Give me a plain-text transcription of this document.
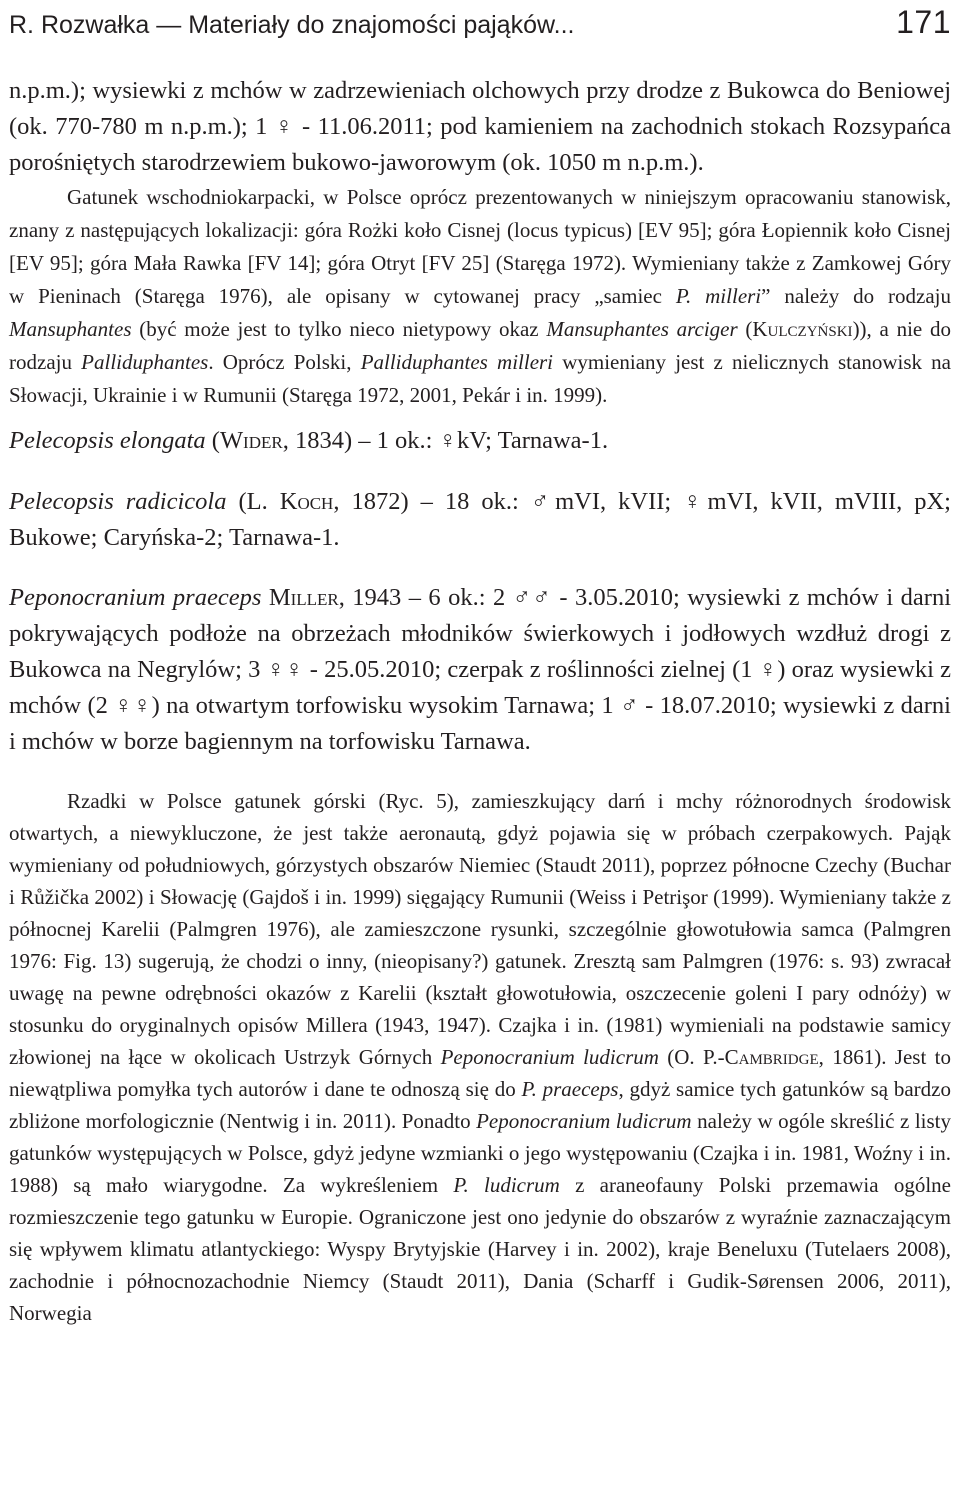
R. Rozwałka — Materiały do znajomości pająków...	171

n.p.m.); wysiewki z mchów w zadrzewieniach olchowych przy drodze z Bukowca do Beniowej (ok. 770-780 m n.p.m.); 1 ♀ - 11.06.2011; pod kamieniem na zachodnich stokach Rozsypańca porośniętych starodrzewiem bukowo-jaworowym (ok. 1050 m n.p.m.).

Gatunek wschodniokarpacki, w Polsce oprócz prezentowanych w niniejszym opracowaniu stanowisk, znany z następujących lokalizacji: góra Rożki koło Cisnej (locus typicus) [EV 95]; góra Łopiennik koło Cisnej [EV 95]; góra Mała Rawka [FV 14]; góra Otryt [FV 25] (Staręga 1972). Wymieniany także z Zamkowej Góry w Pieninach (Staręga 1976), ale opisany w cytowanej pracy „samiec P. milleri” należy do rodzaju Mansuphantes (być może jest to tylko nieco nietypowy okaz Mansuphantes arciger (Kulczyński)), a nie do rodzaju Palliduphantes. Oprócz Polski, Palliduphantes milleri wymieniany jest z nielicznych stanowisk na Słowacji, Ukrainie i w Rumunii (Staręga 1972, 2001, Pekár i in. 1999).

Pelecopsis elongata (Wider, 1834) – 1 ok.: ♀kV; Tarnawa-1.

Pelecopsis radicicola (L. Koch, 1872) – 18 ok.: ♂mVI, kVII; ♀mVI, kVII, mVIII, pX; Bukowe; Caryńska-2; Tarnawa-1.

Peponocranium praeceps Miller, 1943 – 6 ok.: 2 ♂♂ - 3.05.2010; wysiewki z mchów i darni pokrywających podłoże na obrzeżach młodników świerkowych i jodłowych wzdłuż drogi z Bukowca na Negrylów; 3 ♀♀ - 25.05.2010; czerpak z roślinności zielnej (1 ♀) oraz wysiewki z mchów (2 ♀♀) na otwartym torfowisku wysokim Tarnawa; 1 ♂ - 18.07.2010; wysiewki z darni i mchów w borze bagiennym na torfowisku Tarnawa.

Rzadki w Polsce gatunek górski (Ryc. 5), zamieszkujący darń i mchy różnorodnych środowisk otwartych, a niewykluczone, że jest także aeronautą, gdyż pojawia się w próbach czerpakowych. Pająk wymieniany od południowych, górzystych obszarów Niemiec (Staudt 2011), poprzez północne Czechy (Buchar i Růžička 2002) i Słowację (Gajdoš i in. 1999) sięgający Rumunii (Weiss i Petrişor (1999). Wymieniany także z północnej Karelii (Palmgren 1976), ale zamieszczone rysunki, szczególnie głowotułowia samca (Palmgren 1976: Fig. 13) sugerują, że chodzi o inny, (nieopisany?) gatunek. Zresztą sam Palmgren (1976: s. 93) zwracał uwagę na pewne odrębności okazów z Karelii (kształt głowotułowia, oszczecenie goleni I pary odnóży) w stosunku do oryginalnych opisów Millera (1943, 1947). Czajka i in. (1981) wymieniali na podstawie samicy złowionej na łące w okolicach Ustrzyk Górnych Peponocranium ludicrum (O. P.-Cambridge, 1861). Jest to niewątpliwa pomyłka tych autorów i dane te odnoszą się do P. praeceps, gdyż samice tych gatunków są bardzo zbliżone morfologicznie (Nentwig i in. 2011). Ponadto Peponocranium ludicrum należy w ogóle skreślić z listy gatunków występujących w Polsce, gdyż jedyne wzmianki o jego występowaniu (Czajka i in. 1981, Woźny i in. 1988) są mało wiarygodne. Za wykreśleniem P. ludicrum z araneofauny Polski przemawia ogólne rozmieszczenie tego gatunku w Europie. Ograniczone jest ono jedynie do obszarów z wyraźnie zaznaczającym się wpływem klimatu atlantyckiego: Wyspy Brytyjskie (Harvey i in. 2002), kraje Beneluxu (Tutelaers 2008), zachodnie i północnozachodnie Niemcy (Staudt 2011), Dania (Scharff i Gudik-Sørensen 2006, 2011), Norwegia
